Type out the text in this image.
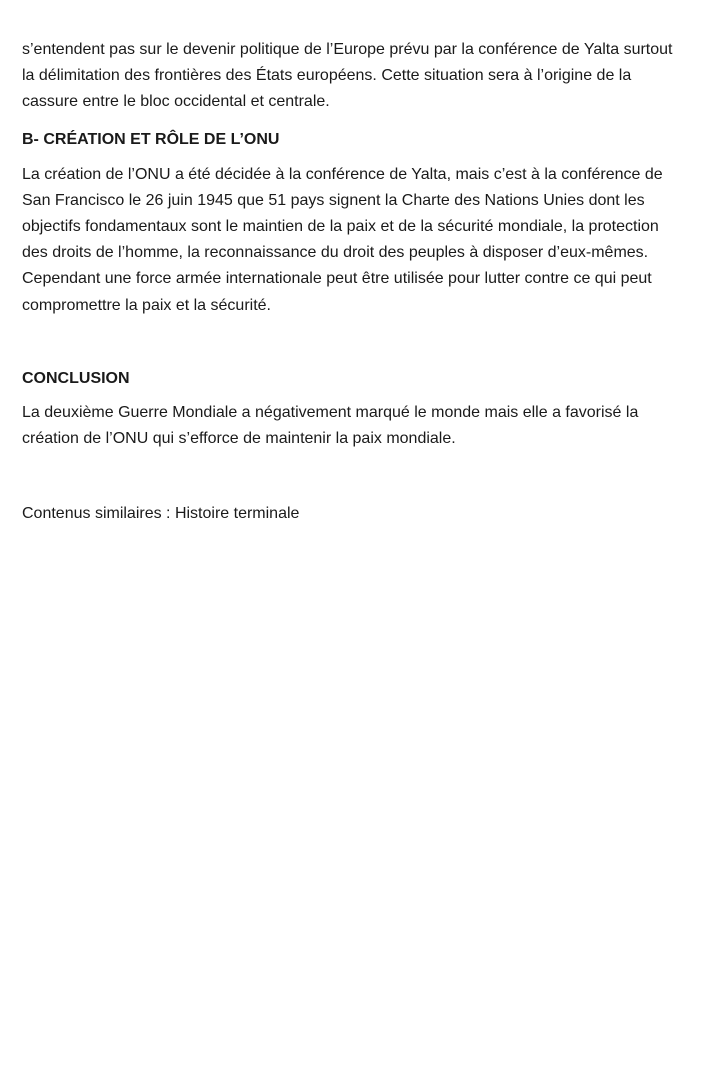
s’entendent pas sur le devenir politique de l’Europe prévu par la conférence de Yalta surtout la délimitation des frontières des États européens. Cette situation sera à l’origine de la cassure entre le bloc occidental et centrale.

B- CRÉATION ET RÔLE DE L’ONU

La création de l’ONU a été décidée à la conférence de Yalta, mais c’est à la conférence de San Francisco le 26 juin 1945 que 51 pays signent la Charte des Nations Unies dont les objectifs fondamentaux sont le maintien de la paix et de la sécurité mondiale, la protection des droits de l’homme, la reconnaissance du droit des peuples à disposer d’eux-mêmes. Cependant une force armée internationale peut être utilisée pour lutter contre ce qui peut compromettre la paix et la sécurité.

CONCLUSION

La deuxième Guerre Mondiale a négativement marqué le monde mais elle a favorisé la création de l’ONU qui s’efforce de maintenir la paix mondiale.

Contenus similaires : Histoire terminale
